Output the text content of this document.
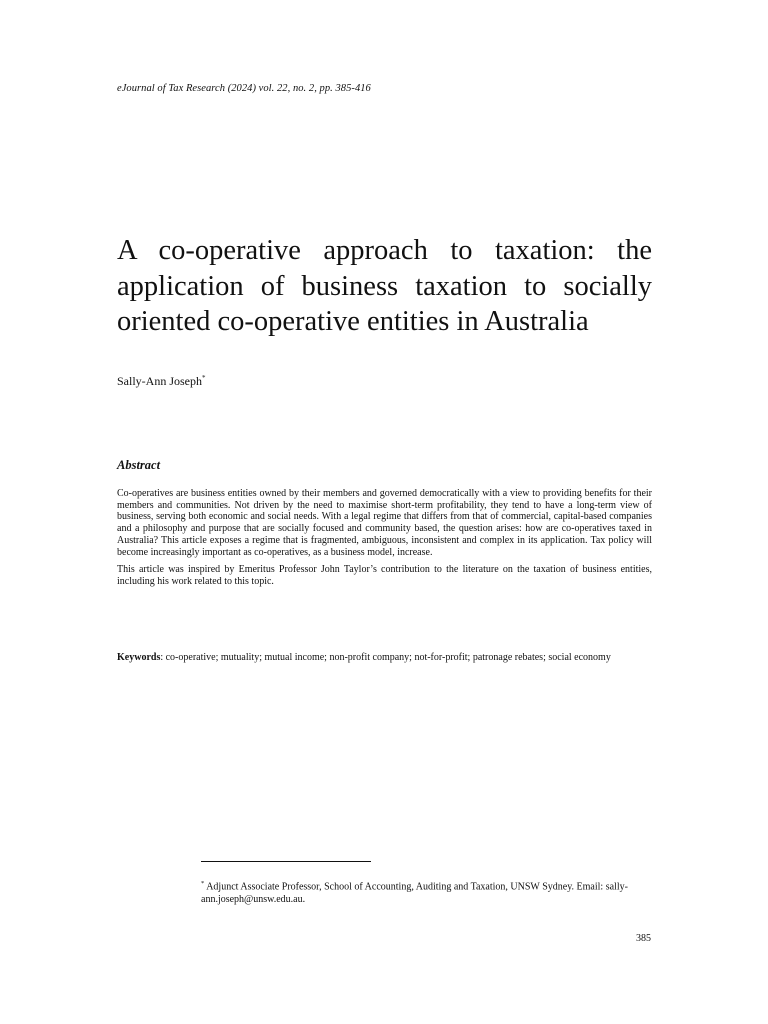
eJournal of Tax Research (2024) vol. 22, no. 2, pp. 385-416
A co-operative approach to taxation: the application of business taxation to socially oriented co-operative entities in Australia
Sally-Ann Joseph*
Abstract

Co-operatives are business entities owned by their members and governed democratically with a view to providing benefits for their members and communities. Not driven by the need to maximise short-term profitability, they tend to have a long-term view of business, serving both economic and social needs. With a legal regime that differs from that of commercial, capital-based companies and a philosophy and purpose that are socially focused and community based, the question arises: how are co-operatives taxed in Australia? This article exposes a regime that is fragmented, ambiguous, inconsistent and complex in its application. Tax policy will become increasingly important as co-operatives, as a business model, increase.

This article was inspired by Emeritus Professor John Taylor’s contribution to the literature on the taxation of business entities, including his work related to this topic.

Keywords: co-operative; mutuality; mutual income; non-profit company; not-for-profit; patronage rebates; social economy
* Adjunct Associate Professor, School of Accounting, Auditing and Taxation, UNSW Sydney. Email: sally-ann.joseph@unsw.edu.au.
385
